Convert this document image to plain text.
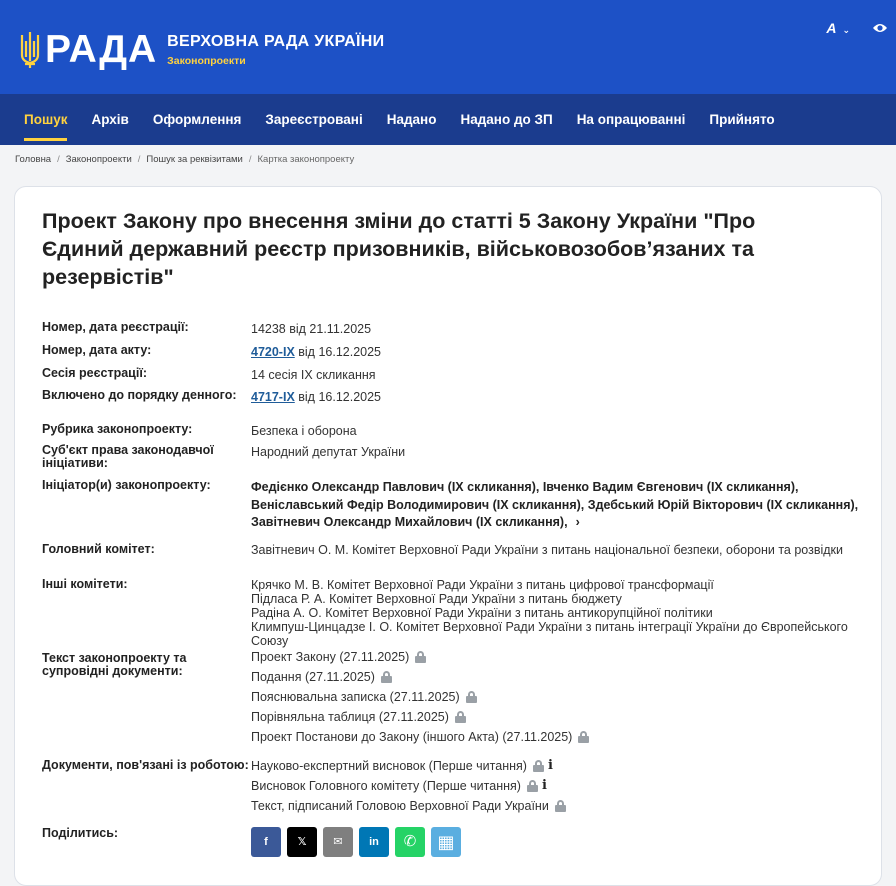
РАДА ВЕРХОВНА РАДА УКРАЇНИ
Законопроекти
A ⌄
Пошук	Архів	Оформлення	Зареєстровані	Надано	Надано до ЗП	На опрацюванні	Прийнято
Головна / Законопроекти / Пошук за реквізитами / Картка законопроекту
Проект Закону про внесення зміни до статті 5 Закону України "Про Єдиний державний реєстр призовників, військовозобов’язаних та резервістів"
Номер, дата реєстрації:	14238 від 21.11.2025
Номер, дата акту:	4720-IX від 16.12.2025
Сесія реєстрації:	14 сесія IX скликання
Включено до порядку денного:	4717-IX від 16.12.2025
Рубрика законопроекту:	Безпека і оборона
Суб'єкт права законодавчої ініціативи:
Народний депутат України
Ініціатор(и) законопроекту:	Федієнко Олександр Павлович (IX скликання), Івченко Вадим Євгенович (IX скликання), Веніславський Федір Володимирович (IX скликання), Здебський Юрій Вікторович (IX скликання), Завітневич Олександр Михайлович (IX скликання), ›
Головний комітет:	Завітневич О. М. Комітет Верховної Ради України з питань національної безпеки, оборони та розвідки
Інші комітети:	Крячко М. В. Комітет Верховної Ради України з питань цифрової трансформації
Підласа Р. А. Комітет Верховної Ради України з питань бюджету
Радіна А. О. Комітет Верховної Ради України з питань антикорупційної політики
Климпуш-Цинцадзе І. О. Комітет Верховної Ради України з питань інтеграції України до Європейського Союзу
Текст законопроекту та супровідні документи:
Проект Закону (27.11.2025)
Подання (27.11.2025)
Пояснювальна записка (27.11.2025)
Порівняльна таблиця (27.11.2025)
Проект Постанови до Закону (іншого Акта) (27.11.2025)
Документи, пов'язані із роботою: Науково-експертний висновок (Перше читання) i
Висновок Головного комітету (Перше читання) i
Текст, підписаний Головою Верховної Ради України
Поділитись:
f	𝕏	✉	in	✆	▦
